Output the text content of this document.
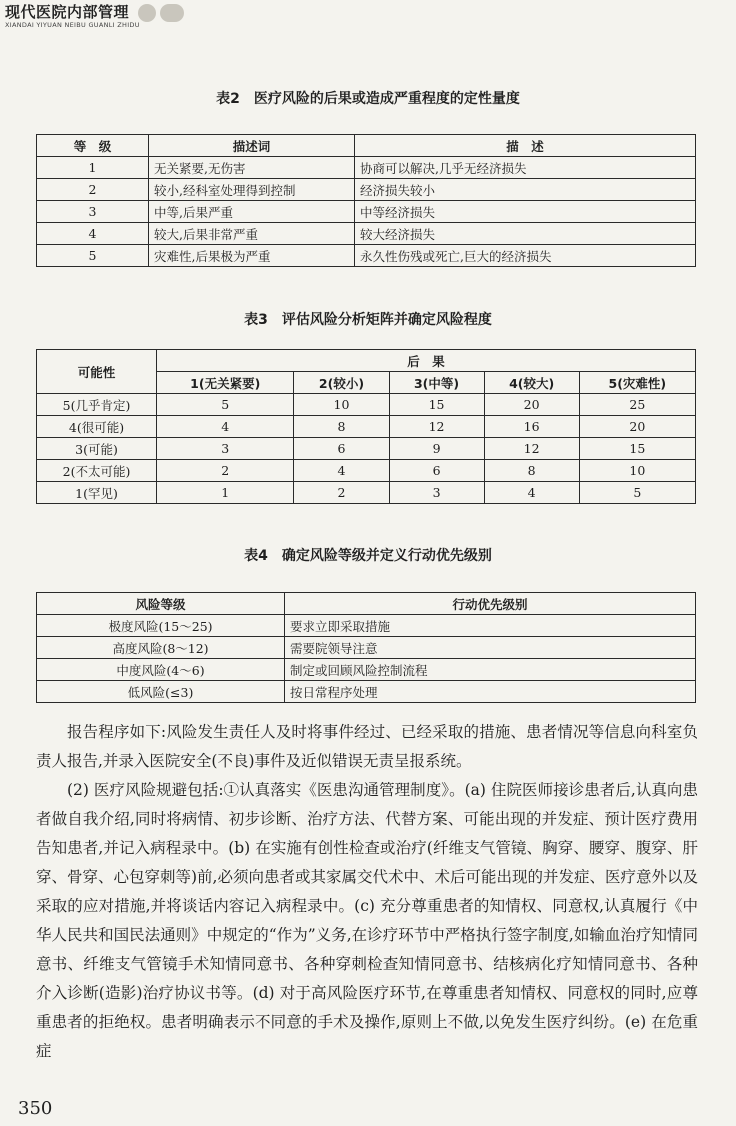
现代医院内部管理
XIANDAI YIYUAN NEIBU GUANLI ZHIDU
表2　医疗风险的后果或造成严重程度的定性量度
等　级	描述词	描　述
1	无关紧要,无伤害	协商可以解决,几乎无经济损失
2	较小,经科室处理得到控制	经济损失较小
3	中等,后果严重	中等经济损失
4	较大,后果非常严重	较大经济损失
5	灾难性,后果极为严重	永久性伤残或死亡,巨大的经济损失
表3　评估风险分析矩阵并确定风险程度
可能性	后　果				
	1(无关紧要)	2(较小)	3(中等)	4(较大)	5(灾难性)
5(几乎肯定)	5	10	15	20	25
4(很可能)	4	8	12	16	20
3(可能)	3	6	9	12	15
2(不太可能)	2	4	6	8	10
1(罕见)	1	2	3	4	5
表4　确定风险等级并定义行动优先级别
风险等级	行动优先级别
极度风险(15～25)	要求立即采取措施
高度风险(8～12)	需要院领导注意
中度风险(4～6)	制定或回顾风险控制流程
低风险(≤3)	按日常程序处理

报告程序如下:风险发生责任人及时将事件经过、已经采取的措施、患者情况等信息向科室负责人报告,并录入医院安全(不良)事件及近似错误无责呈报系统。

(2) 医疗风险规避包括:①认真落实《医患沟通管理制度》。(a) 住院医师接诊患者后,认真向患者做自我介绍,同时将病情、初步诊断、治疗方法、代替方案、可能出现的并发症、预计医疗费用告知患者,并记入病程录中。(b) 在实施有创性检查或治疗(纤维支气管镜、胸穿、腰穿、腹穿、肝穿、骨穿、心包穿刺等)前,必须向患者或其家属交代术中、术后可能出现的并发症、医疗意外以及采取的应对措施,并将谈话内容记入病程录中。(c) 充分尊重患者的知情权、同意权,认真履行《中华人民共和国民法通则》中规定的“作为”义务,在诊疗环节中严格执行签字制度,如输血治疗知情同意书、纤维支气管镜手术知情同意书、各种穿刺检查知情同意书、结核病化疗知情同意书、各种介入诊断(造影)治疗协议书等。(d) 对于高风险医疗环节,在尊重患者知情权、同意权的同时,应尊重患者的拒绝权。患者明确表示不同意的手术及操作,原则上不做,以免发生医疗纠纷。(e) 在危重症

350
